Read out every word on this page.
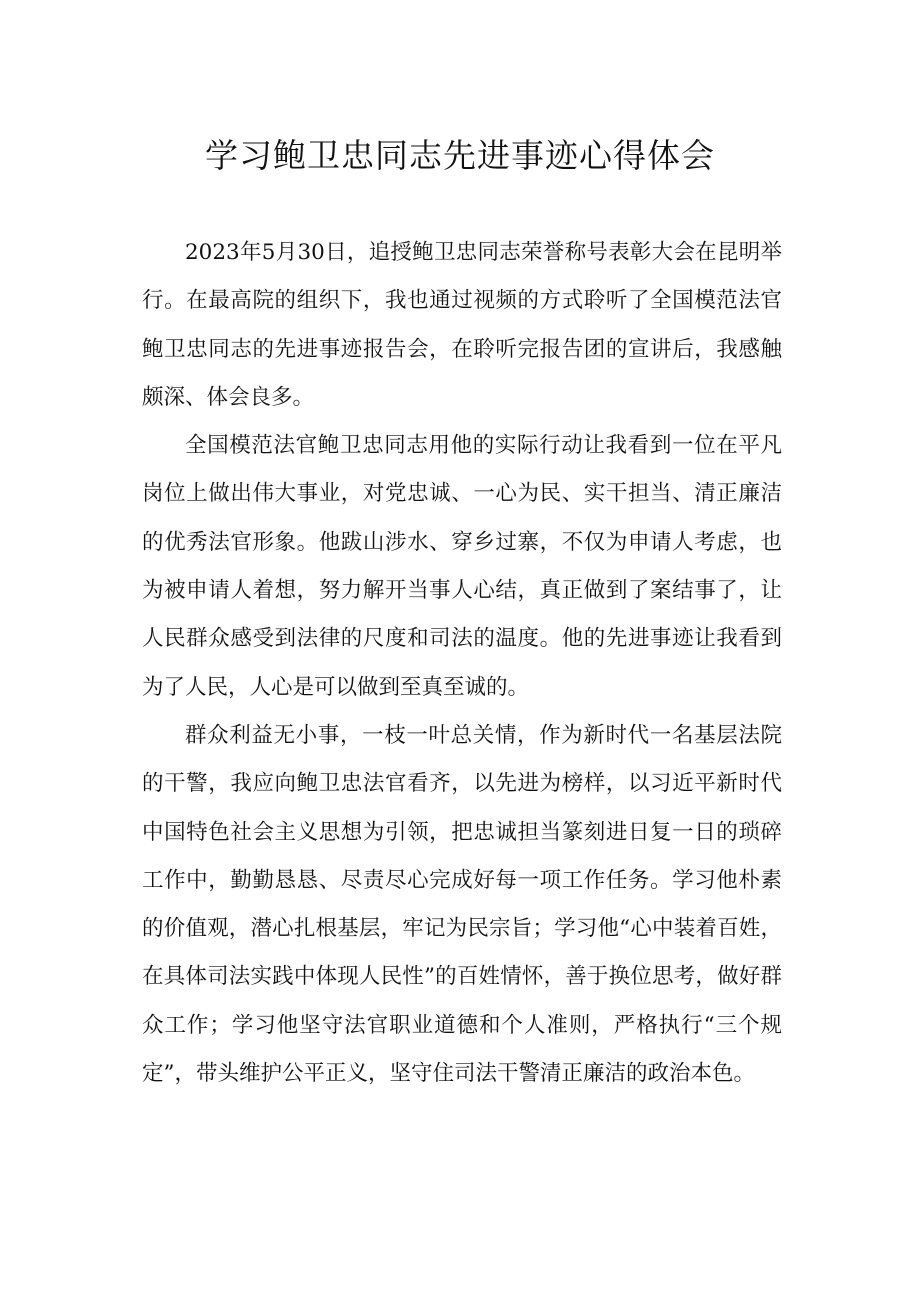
学习鲍卫忠同志先进事迹心得体会

2023年5月30日，追授鲍卫忠同志荣誉称号表彰大会在昆明举行。在最高院的组织下，我也通过视频的方式聆听了全国模范法官鲍卫忠同志的先进事迹报告会，在聆听完报告团的宣讲后，我感触颇深、体会良多。

全国模范法官鲍卫忠同志用他的实际行动让我看到一位在平凡岗位上做出伟大事业，对党忠诚、一心为民、实干担当、清正廉洁的优秀法官形象。他跋山涉水、穿乡过寨，不仅为申请人考虑，也为被申请人着想，努力解开当事人心结，真正做到了案结事了，让人民群众感受到法律的尺度和司法的温度。他的先进事迹让我看到为了人民，人心是可以做到至真至诚的。

群众利益无小事，一枝一叶总关情，作为新时代一名基层法院的干警，我应向鲍卫忠法官看齐，以先进为榜样，以习近平新时代中国特色社会主义思想为引领，把忠诚担当篆刻进日复一日的琐碎工作中，勤勤恳恳、尽责尽心完成好每一项工作任务。学习他朴素的价值观，潜心扎根基层，牢记为民宗旨；学习他“心中装着百姓，在具体司法实践中体现人民性”的百姓情怀，善于换位思考，做好群众工作；学习他坚守法官职业道德和个人准则，严格执行“三个规定”，带头维护公平正义，坚守住司法干警清正廉洁的政治本色。
